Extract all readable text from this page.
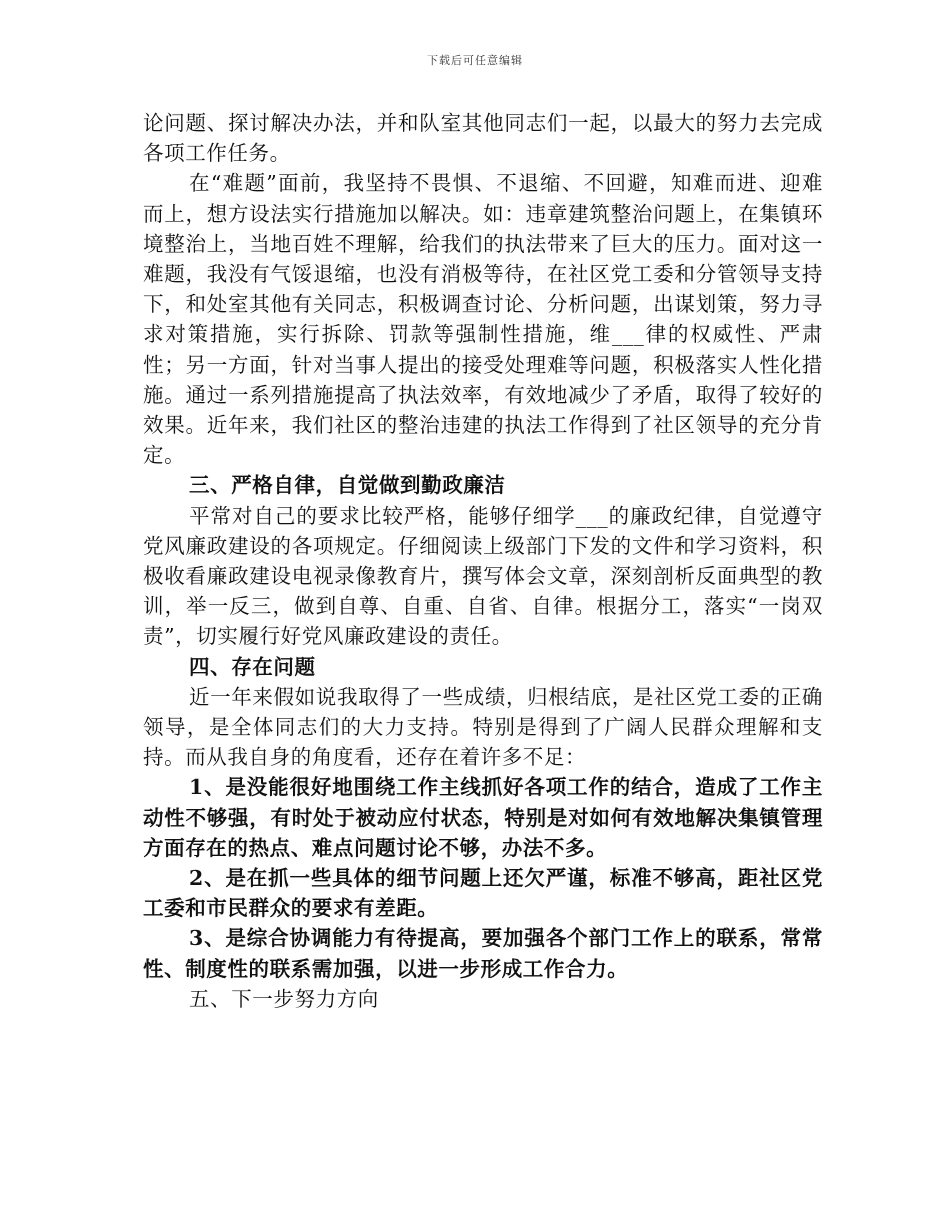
下载后可任意编辑

论问题、探讨解决办法，并和队室其他同志们一起，以最大的努力去完成各项工作任务。

在“难题”面前，我坚持不畏惧、不退缩、不回避，知难而进、迎难而上，想方设法实行措施加以解决。如：违章建筑整治问题上，在集镇环境整治上，当地百姓不理解，给我们的执法带来了巨大的压力。面对这一难题，我没有气馁退缩，也没有消极等待，在社区党工委和分管领导支持下，和处室其他有关同志，积极调查讨论、分析问题，出谋划策，努力寻求对策措施，实行拆除、罚款等强制性措施，维___律的权威性、严肃性；另一方面，针对当事人提出的接受处理难等问题，积极落实人性化措施。通过一系列措施提高了执法效率，有效地减少了矛盾，取得了较好的效果。近年来，我们社区的整治违建的执法工作得到了社区领导的充分肯定。

三、严格自律，自觉做到勤政廉洁

平常对自己的要求比较严格，能够仔细学___的廉政纪律，自觉遵守党风廉政建设的各项规定。仔细阅读上级部门下发的文件和学习资料，积极收看廉政建设电视录像教育片，撰写体会文章，深刻剖析反面典型的教训，举一反三，做到自尊、自重、自省、自律。根据分工，落实“一岗双责”，切实履行好党风廉政建设的责任。

四、存在问题

近一年来假如说我取得了一些成绩，归根结底，是社区党工委的正确领导，是全体同志们的大力支持。特别是得到了广阔人民群众理解和支持。而从我自身的角度看，还存在着许多不足：

1、是没能很好地围绕工作主线抓好各项工作的结合，造成了工作主动性不够强，有时处于被动应付状态，特别是对如何有效地解决集镇管理方面存在的热点、难点问题讨论不够，办法不多。

2、是在抓一些具体的细节问题上还欠严谨，标准不够高，距社区党工委和市民群众的要求有差距。

3、是综合协调能力有待提高，要加强各个部门工作上的联系，常常性、制度性的联系需加强，以进一步形成工作合力。

五、下一步努力方向
